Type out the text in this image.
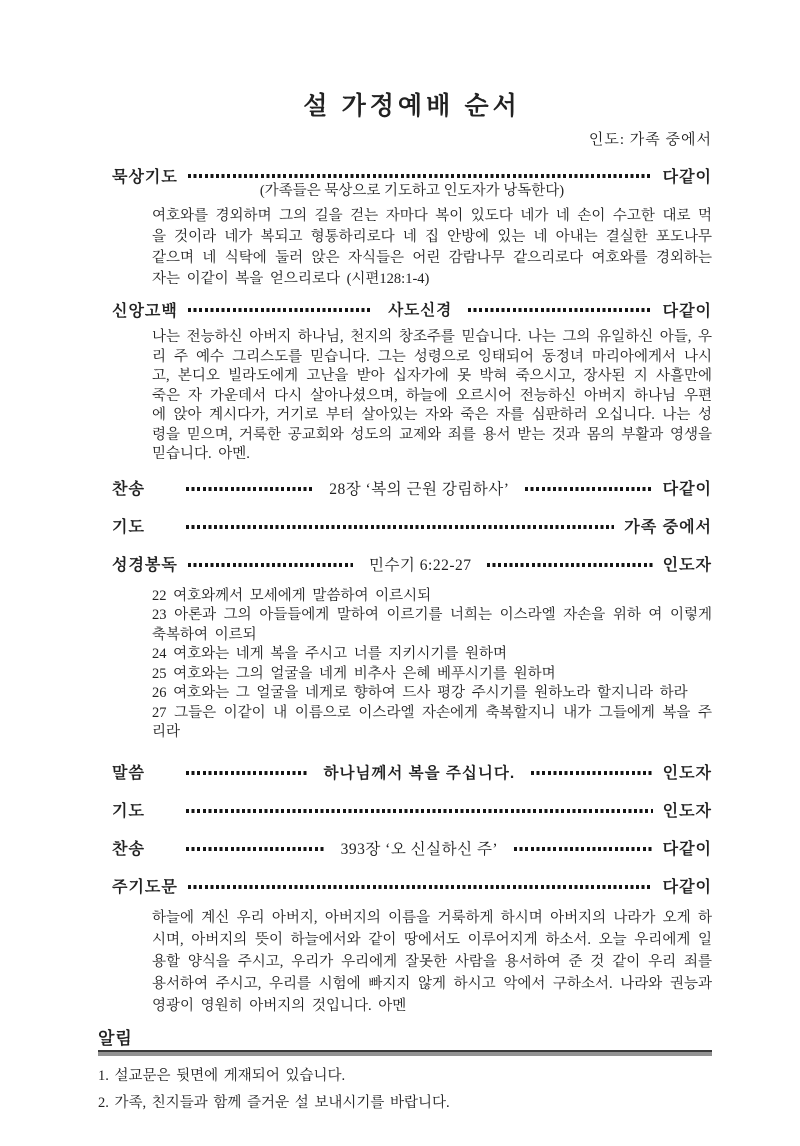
설 가정예배 순서
인도: 가족 중에서
묵상기도	다같이
(가족들은 묵상으로 기도하고 인도자가 낭독한다)

여호와를 경외하며 그의 길을 걷는 자마다 복이 있도다 네가 네 손이 수고한 대로 먹을 것이라 네가 복되고 형통하리로다 네 집 안방에 있는 네 아내는 결실한 포도나무 같으며 네 식탁에 둘러 앉은 자식들은 어린 감람나무 같으리로다 여호와를 경외하는 자는 이같이 복을 얻으리로다 (시편128:1-4)

신앙고백	사도신경	다같이

나는 전능하신 아버지 하나님, 천지의 창조주를 믿습니다. 나는 그의 유일하신 아들, 우리 주 예수 그리스도를 믿습니다. 그는 성령으로 잉태되어 동정녀 마리아에게서 나시고, 본디오 빌라도에게 고난을 받아 십자가에 못 박혀 죽으시고, 장사된 지 사흘만에 죽은 자 가운데서 다시 살아나셨으며, 하늘에 오르시어 전능하신 아버지 하나님 우편에 앉아 계시다가, 거기로 부터 살아있는 자와 죽은 자를 심판하러 오십니다. 나는 성령을 믿으며, 거룩한 공교회와 성도의 교제와 죄를 용서 받는 것과 몸의 부활과 영생을 믿습니다. 아멘.

찬송	28장 ‘복의 근원 강림하사’	다같이
기도	가족 중에서
성경봉독	민수기 6:22-27	인도자
22 여호와께서 모세에게 말씀하여 이르시되
23 아론과 그의 아들들에게 말하여 이르기를 너희는 이스라엘 자손을 위하 여 이렇게 축복하여 이르되
24 여호와는 네게 복을 주시고 너를 지키시기를 원하며
25 여호와는 그의 얼굴을 네게 비추사 은혜 베푸시기를 원하며
26 여호와는 그 얼굴을 네게로 향하여 드사 평강 주시기를 원하노라 할지니라 하라
27 그들은 이같이 내 이름으로 이스라엘 자손에게 축복할지니 내가 그들에게 복을 주리라
말씀	하나님께서 복을 주십니다.	인도자
기도	인도자
찬송	393장 ‘오 신실하신 주’	다같이
주기도문	다같이

하늘에 계신 우리 아버지, 아버지의 이름을 거룩하게 하시며 아버지의 나라가 오게 하시며, 아버지의 뜻이 하늘에서와 같이 땅에서도 이루어지게 하소서. 오늘 우리에게 일용할 양식을 주시고, 우리가 우리에게 잘못한 사람을 용서하여 준 것 같이 우리 죄를 용서하여 주시고, 우리를 시험에 빠지지 않게 하시고 악에서 구하소서. 나라와 권능과 영광이 영원히 아버지의 것입니다. 아멘

알림
1. 설교문은 뒷면에 게재되어 있습니다.
2. 가족, 친지들과 함께 즐거운 설 보내시기를 바랍니다.
